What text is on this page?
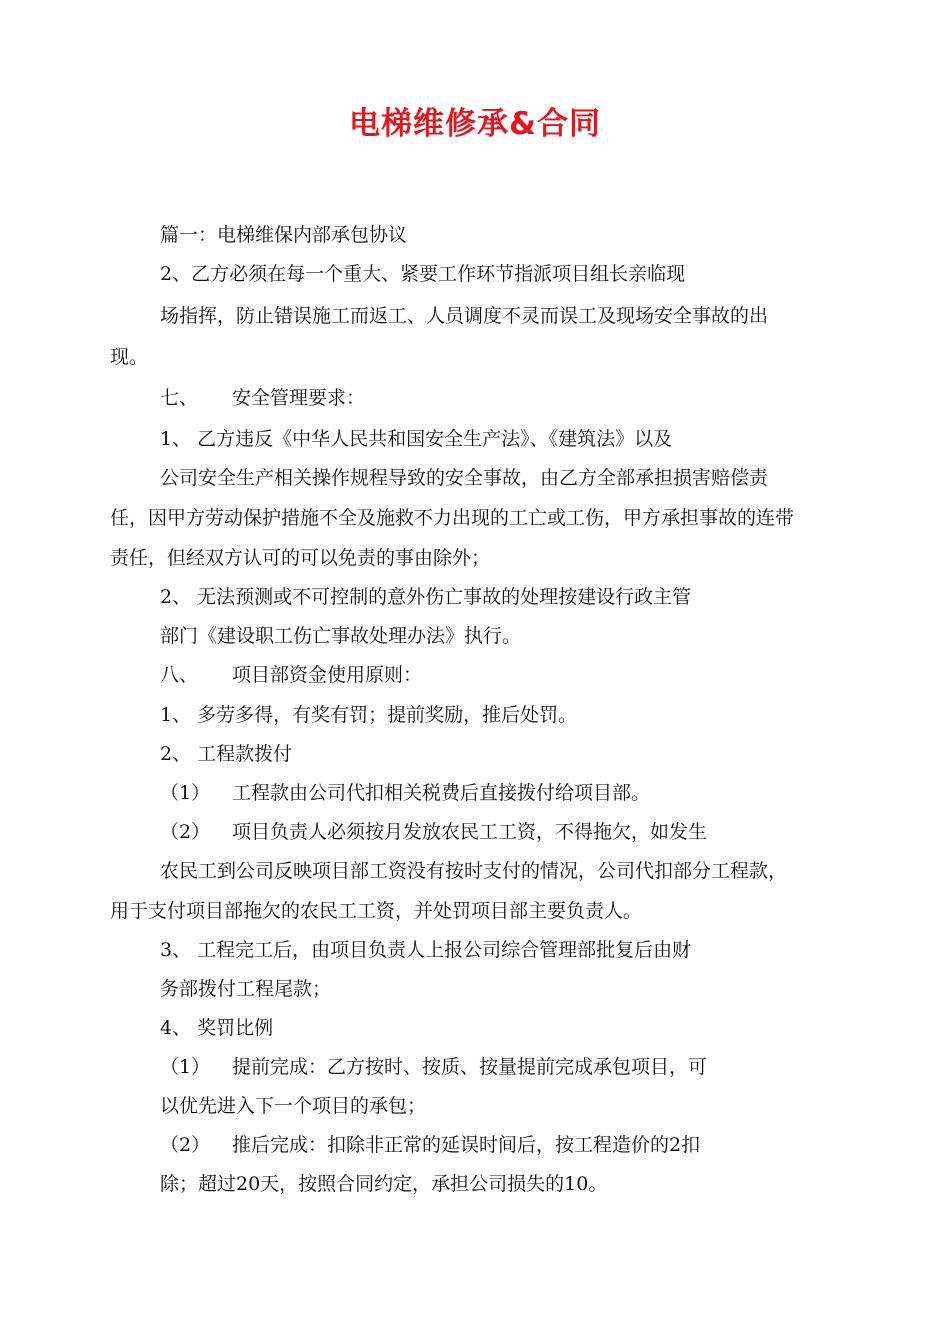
电梯维修承&合同
篇一：电梯维保内部承包协议
2、乙方必须在每一个重大、紧要工作环节指派项目组长亲临现
场指挥，防止错误施工而返工、人员调度不灵而误工及现场安全事故的出
现。
七、 安全管理要求：
1、 乙方违反《中华人民共和国安全生产法》、《建筑法》以及
公司安全生产相关操作规程导致的安全事故，由乙方全部承担损害赔偿责
任，因甲方劳动保护措施不全及施救不力出现的工亡或工伤，甲方承担事故的连带
责任，但经双方认可的可以免责的事由除外；
2、 无法预测或不可控制的意外伤亡事故的处理按建设行政主管
部门《建设职工伤亡事故处理办法》执行。
八、 项目部资金使用原则：
1、 多劳多得，有奖有罚；提前奖励，推后处罚。
2、 工程款拨付
（1） 工程款由公司代扣相关税费后直接拨付给项目部。
（2） 项目负责人必须按月发放农民工工资，不得拖欠，如发生
农民工到公司反映项目部工资没有按时支付的情况，公司代扣部分工程款，
用于支付项目部拖欠的农民工工资，并处罚项目部主要负责人。
3、 工程完工后，由项目负责人上报公司综合管理部批复后由财
务部拨付工程尾款；
4、 奖罚比例
（1） 提前完成：乙方按时、按质、按量提前完成承包项目，可
以优先进入下一个项目的承包；
（2） 推后完成：扣除非正常的延误时间后，按工程造价的2扣
除；超过20天，按照合同约定，承担公司损失的10。
